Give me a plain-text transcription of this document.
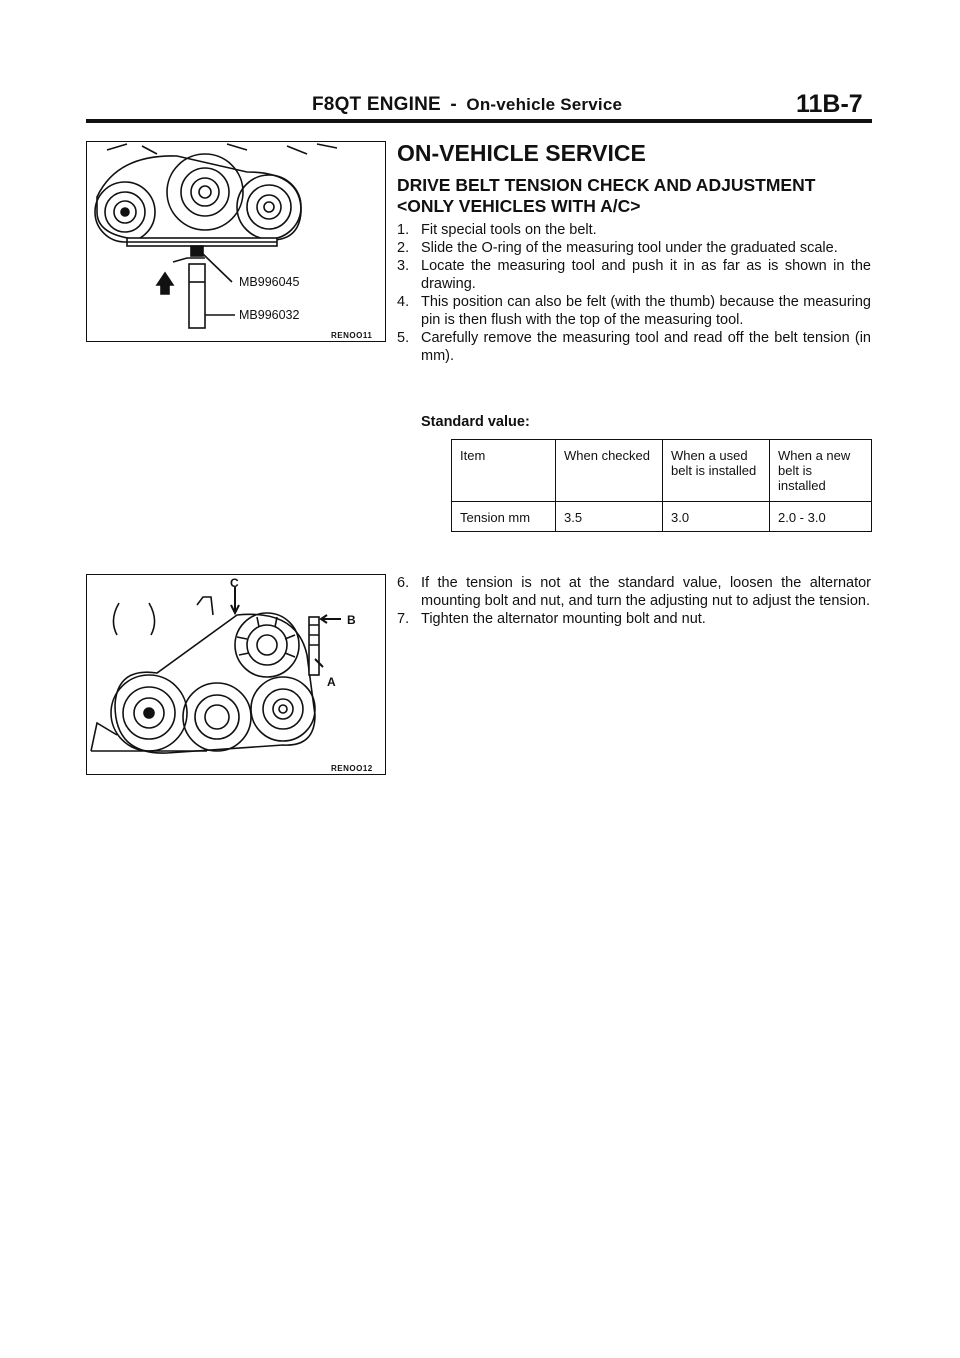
F8QT ENGINE - On-vehicle Service	11B-7
MB996045
MB996032
RENOO11
C
B
A
RENOO12
ON-VEHICLE SERVICE
DRIVE BELT TENSION CHECK AND ADJUSTMENT <ONLY VEHICLES WITH A/C>
1. Fit special tools on the belt.
2. Slide the O-ring of the measuring tool under the graduated scale.
3. Locate the measuring tool and push it in as far as is shown in the drawing.
4. This position can also be felt (with the thumb) because the measuring pin is then flush with the top of the measuring tool.
5. Carefully remove the measuring tool and read off the belt tension (in mm).
Standard value:
Item	When checked	When a used belt is installed	When a new belt is installed
Tension mm	3.5	3.0	2.0 - 3.0
6. If the tension is not at the standard value, loosen the alternator mounting bolt and nut, and turn the adjusting nut to adjust the tension.
7. Tighten the alternator mounting bolt and nut.
